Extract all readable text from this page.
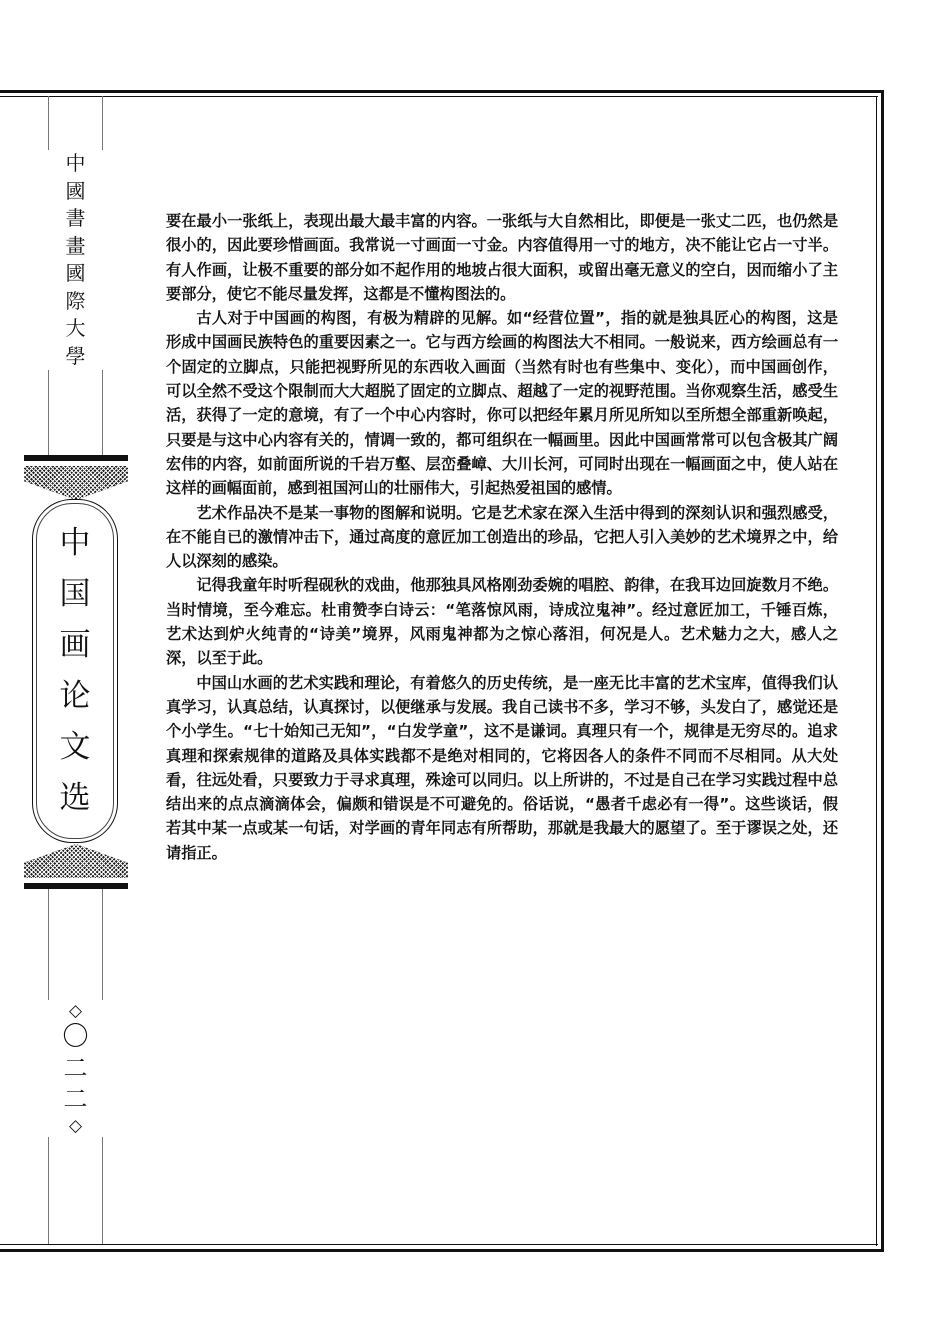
中
國
書
畫
國
際
大
學
中
国
画
论
文
选
◇
〇
二
二
◇

要在最小一张纸上，表现出最大最丰富的内容。一张纸与大自然相比，即便是一张丈二匹，也仍然是很小的，因此要珍惜画面。我常说一寸画面一寸金。内容值得用一寸的地方，决不能让它占一寸半。有人作画，让极不重要的部分如不起作用的地坡占很大面积，或留出毫无意义的空白，因而缩小了主要部分，使它不能尽量发挥，这都是不懂构图法的。

古人对于中国画的构图，有极为精辟的见解。如“经营位置”，指的就是独具匠心的构图，这是形成中国画民族特色的重要因素之一。它与西方绘画的构图法大不相同。一般说来，西方绘画总有一个固定的立脚点，只能把视野所见的东西收入画面（当然有时也有些集中、变化），而中国画创作，可以全然不受这个限制而大大超脱了固定的立脚点、超越了一定的视野范围。当你观察生活，感受生活，获得了一定的意境，有了一个中心内容时，你可以把经年累月所见所知以至所想全部重新唤起，只要是与这中心内容有关的，情调一致的，都可组织在一幅画里。因此中国画常常可以包含极其广阔宏伟的内容，如前面所说的千岩万壑、层峦叠嶂、大川长河，可同时出现在一幅画面之中，使人站在这样的画幅面前，感到祖国河山的壮丽伟大，引起热爱祖国的感情。

艺术作品决不是某一事物的图解和说明。它是艺术家在深入生活中得到的深刻认识和强烈感受，在不能自已的激情冲击下，通过高度的意匠加工创造出的珍品，它把人引入美妙的艺术境界之中，给人以深刻的感染。

记得我童年时听程砚秋的戏曲，他那独具风格刚劲委婉的唱腔、韵律，在我耳边回旋数月不绝。当时情境，至今难忘。杜甫赞李白诗云：“笔落惊风雨，诗成泣鬼神”。经过意匠加工，千锤百炼，艺术达到炉火纯青的“诗美”境界，风雨鬼神都为之惊心落泪，何况是人。艺术魅力之大，感人之深，以至于此。

中国山水画的艺术实践和理论，有着悠久的历史传统，是一座无比丰富的艺术宝库，值得我们认真学习，认真总结，认真探讨，以便继承与发展。我自己读书不多，学习不够，头发白了，感觉还是个小学生。“七十始知己无知”，“白发学童”，这不是谦词。真理只有一个，规律是无穷尽的。追求真理和探索规律的道路及具体实践都不是绝对相同的，它将因各人的条件不同而不尽相同。从大处看，往远处看，只要致力于寻求真理，殊途可以同归。以上所讲的，不过是自己在学习实践过程中总结出来的点点滴滴体会，偏颇和错误是不可避免的。俗话说，“愚者千虑必有一得”。这些谈话，假若其中某一点或某一句话，对学画的青年同志有所帮助，那就是我最大的愿望了。至于谬误之处，还请指正。
